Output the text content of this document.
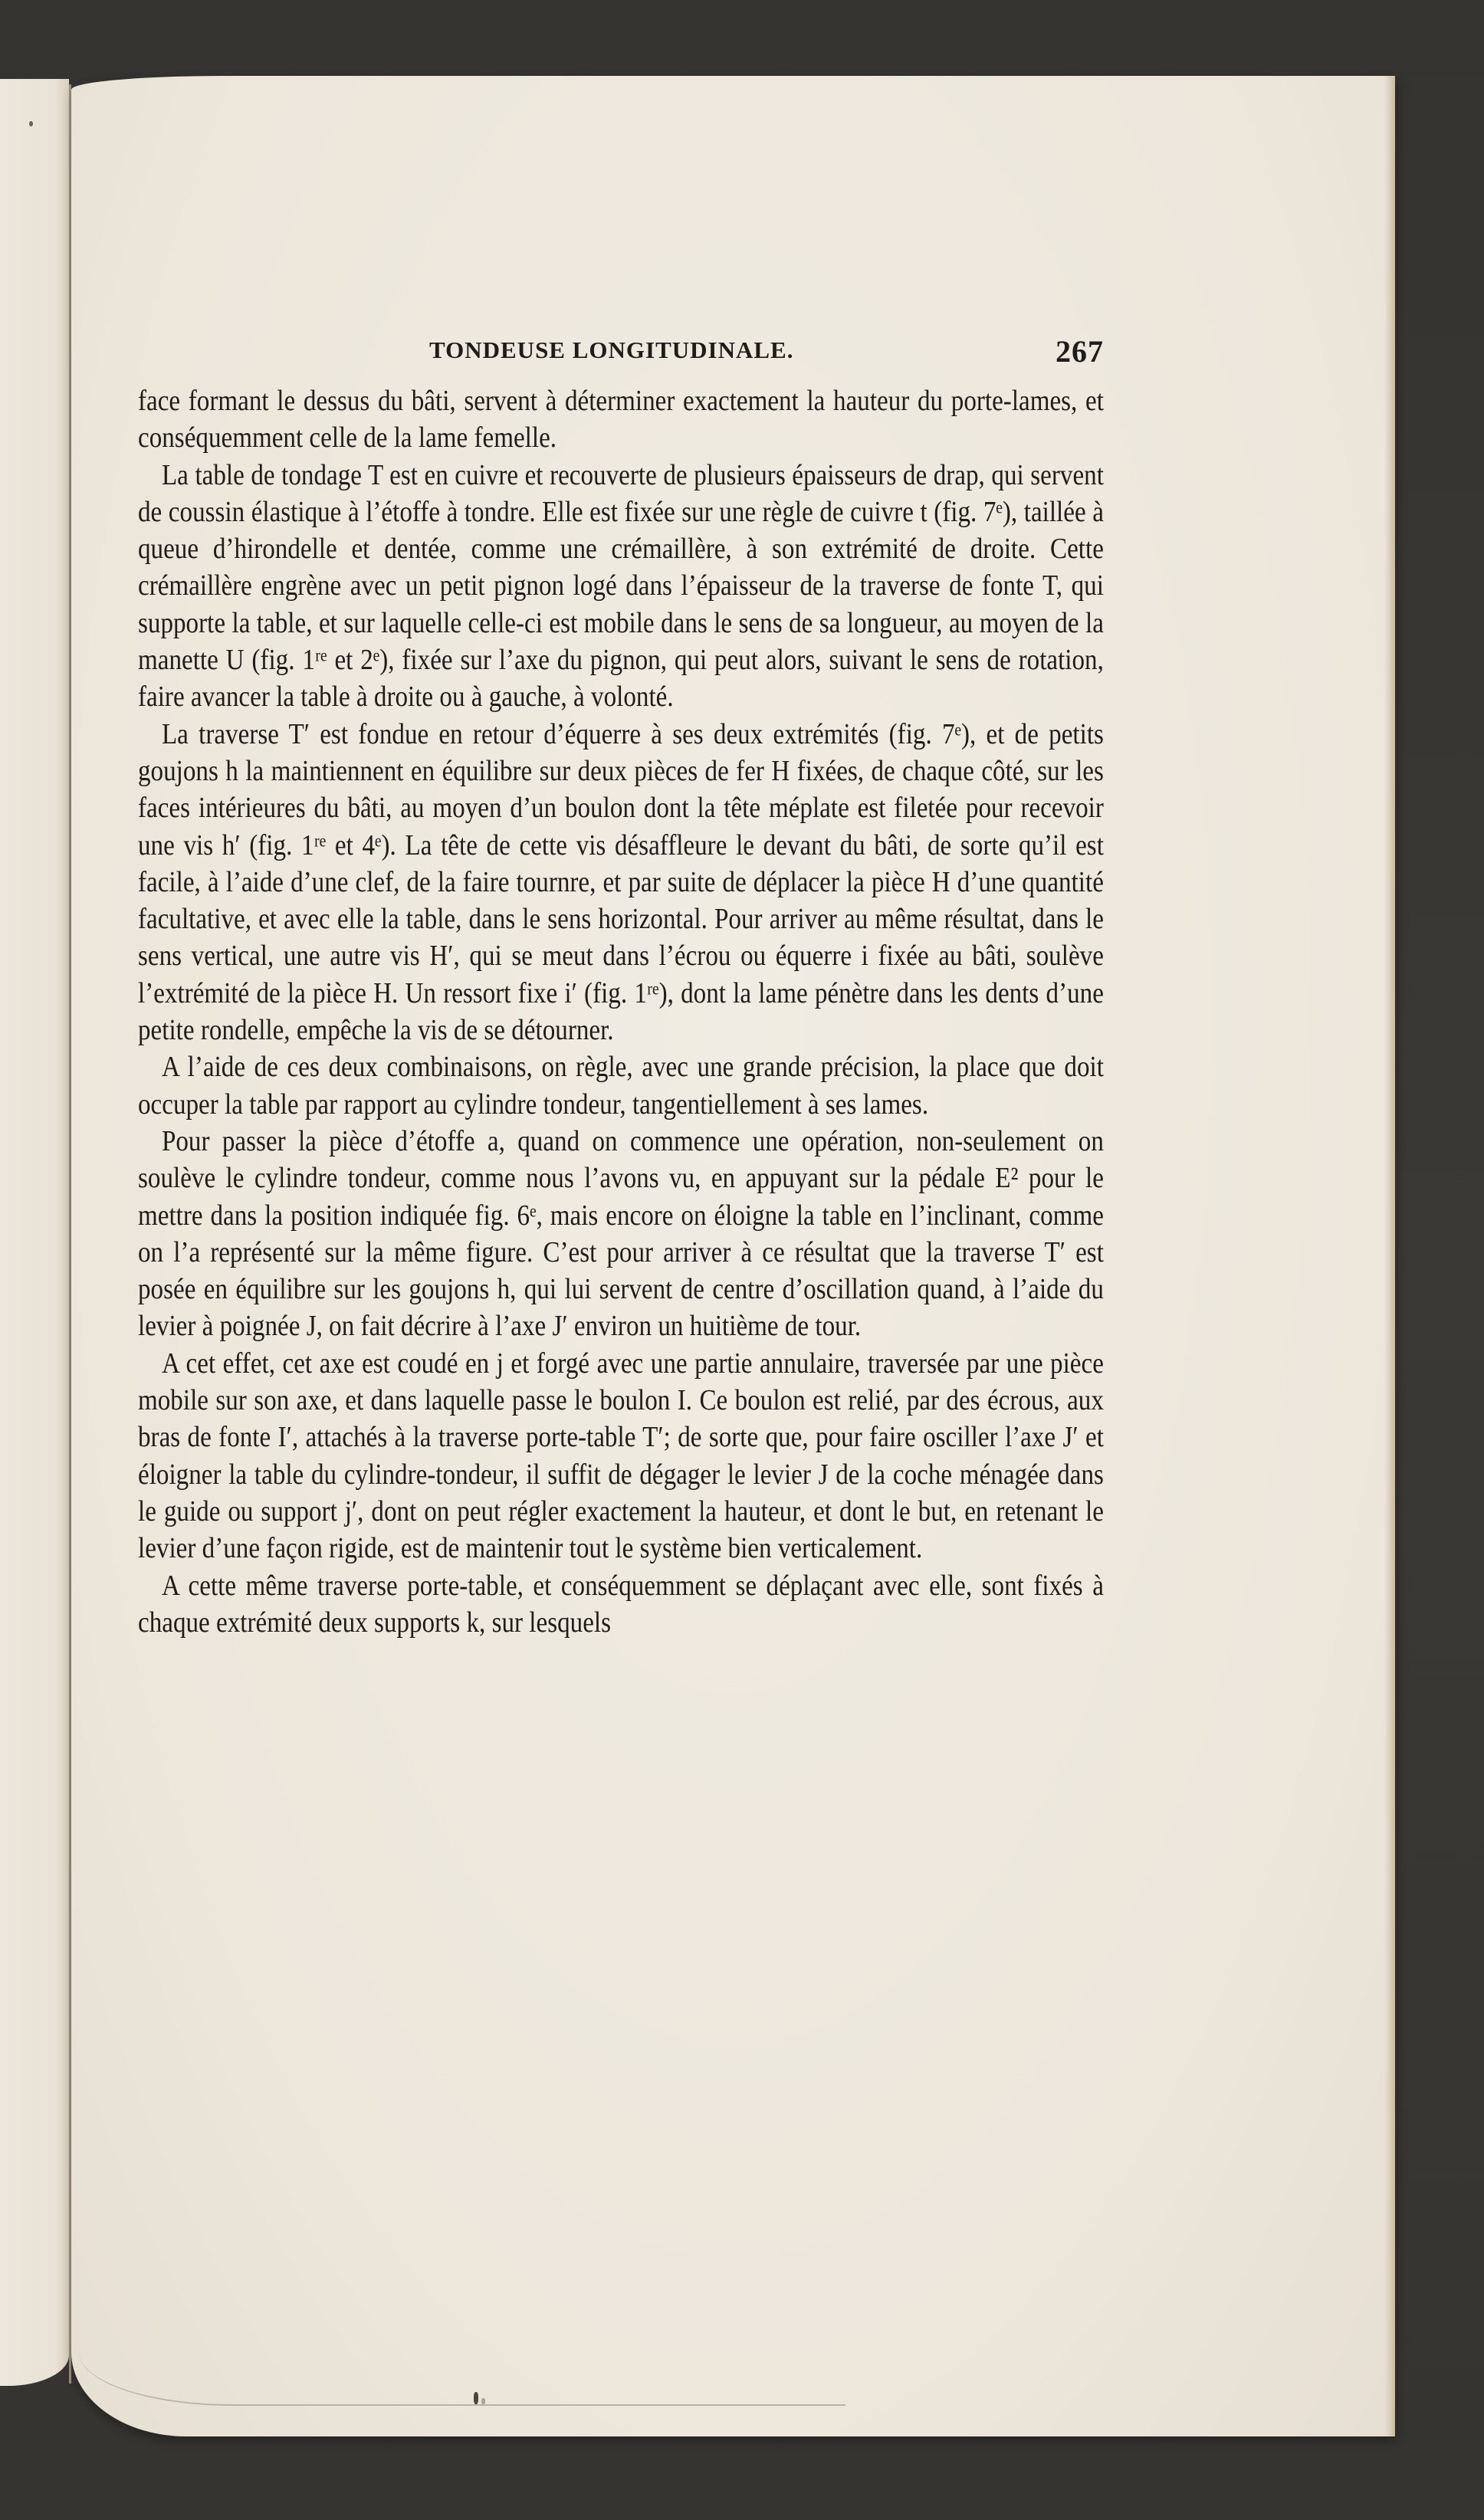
TONDEUSE LONGITUDINALE.	267

face formant le dessus du bâti, servent à déterminer exactement la hauteur du porte-lames, et conséquemment celle de la lame femelle.

La table de tondage T est en cuivre et recouverte de plusieurs épaisseurs de drap, qui servent de coussin élastique à l’étoffe à tondre. Elle est fixée sur une règle de cuivre t (fig. 7ᵉ), taillée à queue d’hirondelle et dentée, comme une crémaillère, à son extrémité de droite. Cette crémaillère engrène avec un petit pignon logé dans l’épaisseur de la traverse de fonte T, qui supporte la table, et sur laquelle celle-ci est mobile dans le sens de sa longueur, au moyen de la manette U (fig. 1ʳᵉ et 2ᵉ), fixée sur l’axe du pignon, qui peut alors, suivant le sens de rotation, faire avancer la table à droite ou à gauche, à volonté.

La traverse T′ est fondue en retour d’équerre à ses deux extrémités (fig. 7ᵉ), et de petits goujons h la maintiennent en équilibre sur deux pièces de fer H fixées, de chaque côté, sur les faces intérieures du bâti, au moyen d’un boulon dont la tête méplate est filetée pour recevoir une vis h′ (fig. 1ʳᵉ et 4ᵉ). La tête de cette vis désaffleure le devant du bâti, de sorte qu’il est facile, à l’aide d’une clef, de la faire tournre, et par suite de déplacer la pièce H d’une quantité facultative, et avec elle la table, dans le sens horizontal. Pour arriver au même résultat, dans le sens vertical, une autre vis H′, qui se meut dans l’écrou ou équerre i fixée au bâti, soulève l’extrémité de la pièce H. Un ressort fixe i′ (fig. 1ʳᵉ), dont la lame pénètre dans les dents d’une petite rondelle, empêche la vis de se détourner.

A l’aide de ces deux combinaisons, on règle, avec une grande précision, la place que doit occuper la table par rapport au cylindre tondeur, tangentiellement à ses lames.

Pour passer la pièce d’étoffe a, quand on commence une opération, non-seulement on soulève le cylindre tondeur, comme nous l’avons vu, en appuyant sur la pédale E² pour le mettre dans la position indiquée fig. 6ᵉ, mais encore on éloigne la table en l’inclinant, comme on l’a représenté sur la même figure. C’est pour arriver à ce résultat que la traverse T′ est posée en équilibre sur les goujons h, qui lui servent de centre d’oscillation quand, à l’aide du levier à poignée J, on fait décrire à l’axe J′ environ un huitième de tour.

A cet effet, cet axe est coudé en j et forgé avec une partie annulaire, traversée par une pièce mobile sur son axe, et dans laquelle passe le boulon I. Ce boulon est relié, par des écrous, aux bras de fonte I′, attachés à la traverse porte-table T′; de sorte que, pour faire osciller l’axe J′ et éloigner la table du cylindre-tondeur, il suffit de dégager le levier J de la coche ménagée dans le guide ou support j′, dont on peut régler exactement la hauteur, et dont le but, en retenant le levier d’une façon rigide, est de maintenir tout le système bien verticalement.

A cette même traverse porte-table, et conséquemment se déplaçant avec elle, sont fixés à chaque extrémité deux supports k, sur lesquels
